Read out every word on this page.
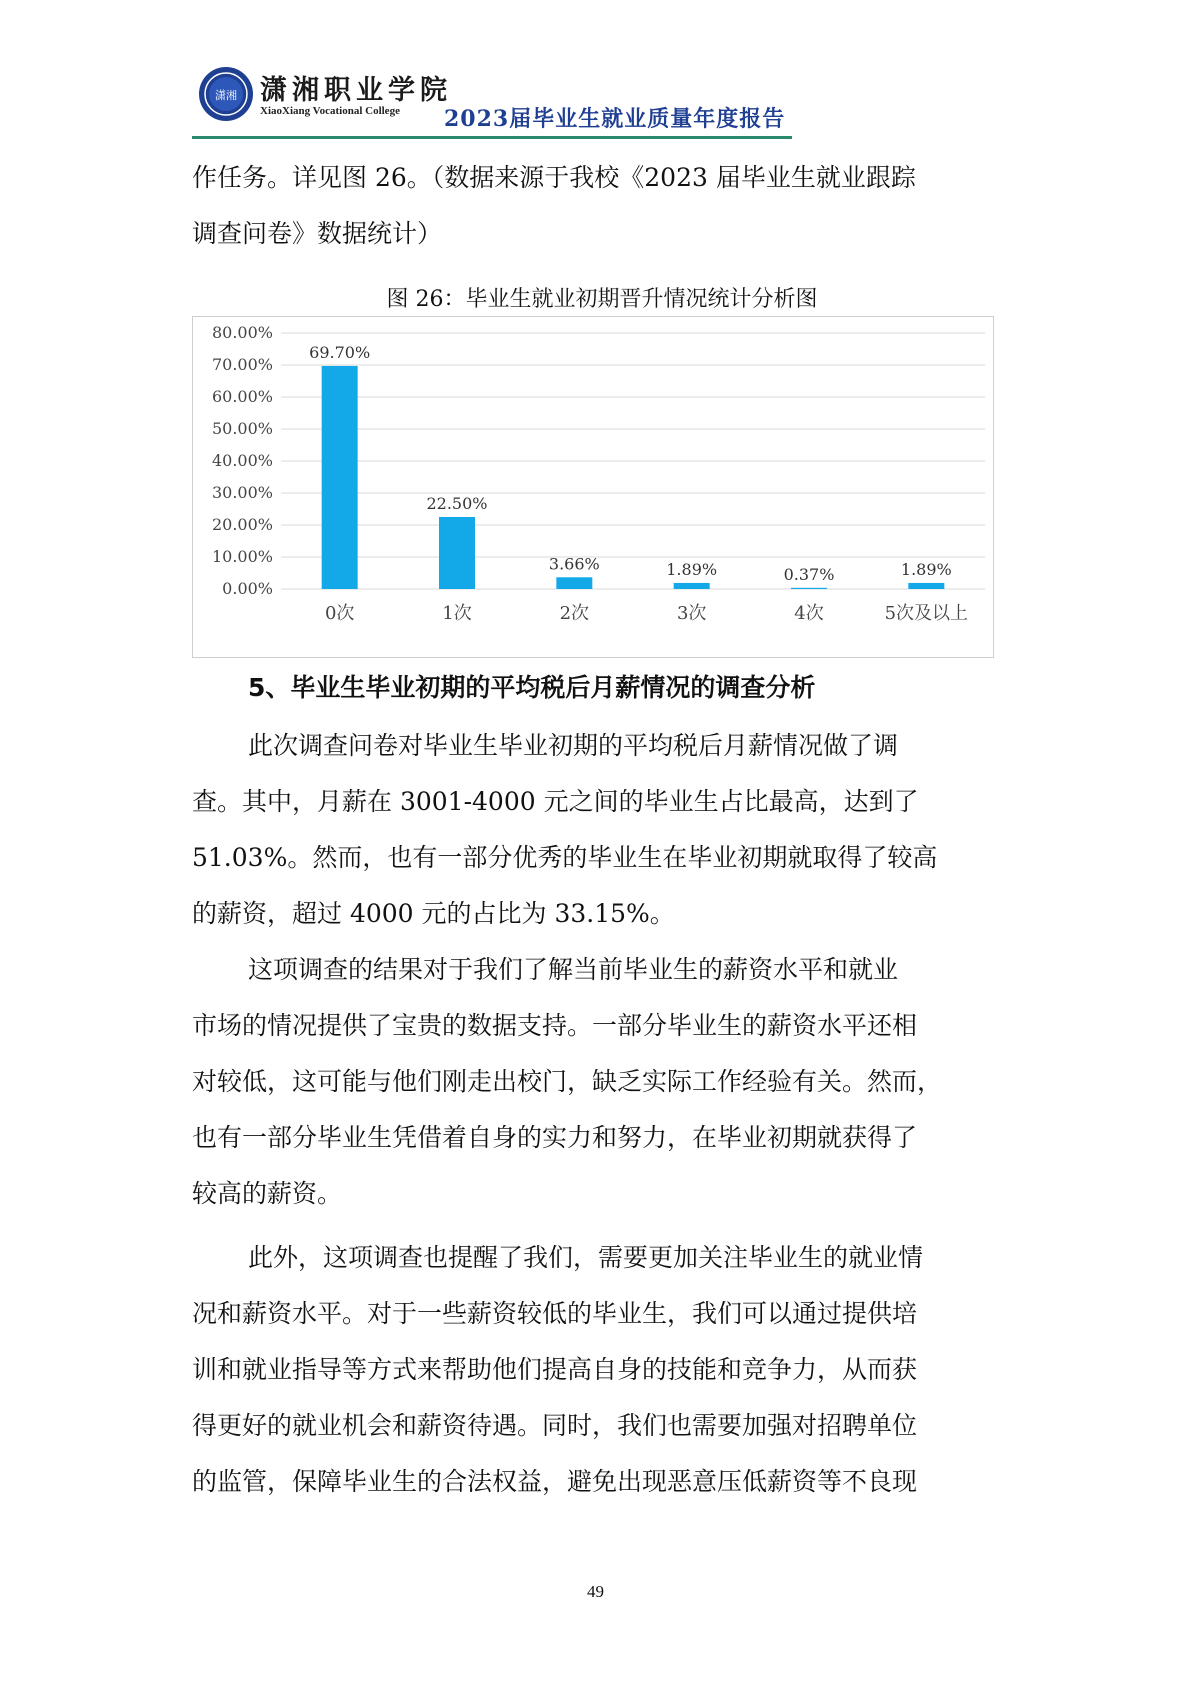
潇湘 潇湘职业学院
XiaoXiang Vocational College 2023届毕业生就业质量年度报告

作任务。详见图 26。（数据来源于我校《2023 届毕业生就业跟踪

调查问卷》数据统计）

图 26：毕业生就业初期晋升情况统计分析图
0.00%
10.00%
20.00%
30.00%
40.00%
50.00%
60.00%
70.00%
80.00%
69.70%
0次
22.50%
1次
3.66%
2次
1.89%
3次
0.37%
4次
1.89%
5次及以上
5、毕业生毕业初期的平均税后月薪情况的调查分析

此次调查问卷对毕业生毕业初期的平均税后月薪情况做了调

查。其中，月薪在 3001-4000 元之间的毕业生占比最高，达到了

51.03%。然而，也有一部分优秀的毕业生在毕业初期就取得了较高

的薪资，超过 4000 元的占比为 33.15%。

这项调查的结果对于我们了解当前毕业生的薪资水平和就业

市场的情况提供了宝贵的数据支持。一部分毕业生的薪资水平还相

对较低，这可能与他们刚走出校门，缺乏实际工作经验有关。然而，

也有一部分毕业生凭借着自身的实力和努力，在毕业初期就获得了

较高的薪资。

此外，这项调查也提醒了我们，需要更加关注毕业生的就业情

况和薪资水平。对于一些薪资较低的毕业生，我们可以通过提供培

训和就业指导等方式来帮助他们提高自身的技能和竞争力，从而获

得更好的就业机会和薪资待遇。同时，我们也需要加强对招聘单位

的监管，保障毕业生的合法权益，避免出现恶意压低薪资等不良现

49
